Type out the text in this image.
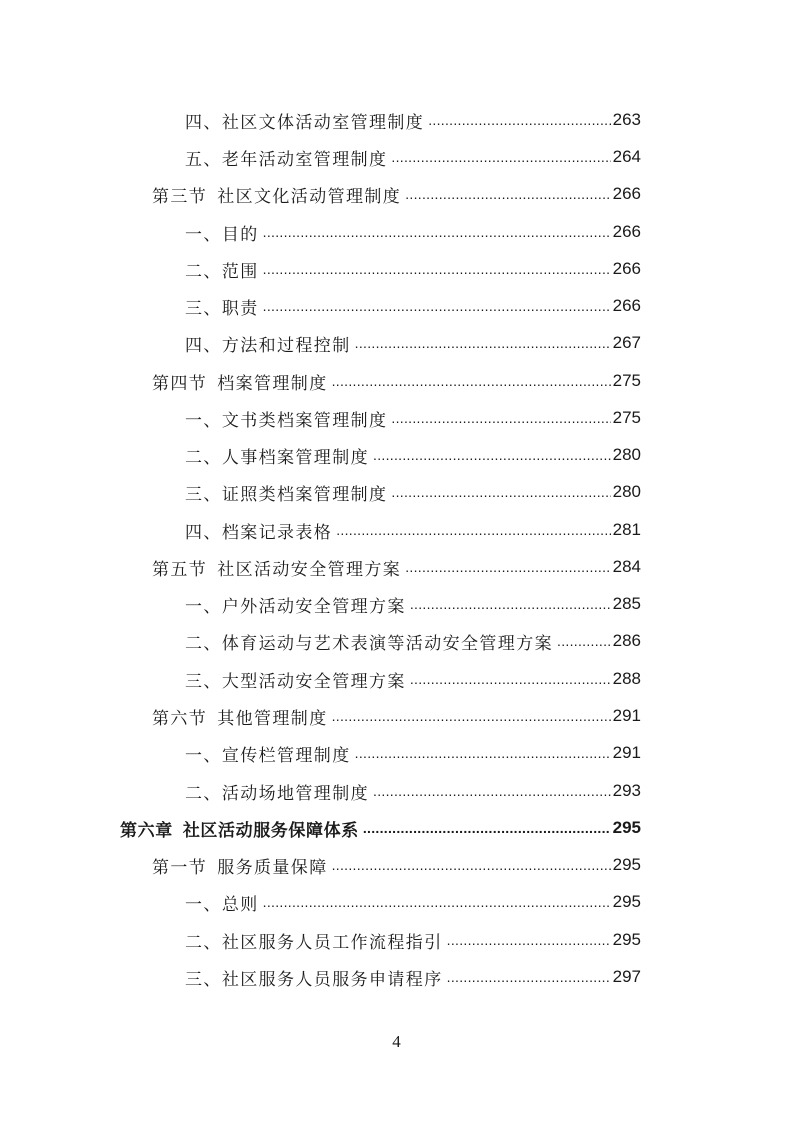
四、社区文体活动室管理制度 .....	263
五、老年活动室管理制度 .....	264
第三节 社区文化活动管理制度 .....	266
一、目的 .....	266
二、范围 .....	266
三、职责 .....	266
四、方法和过程控制 .....	267
第四节 档案管理制度 .....	275
一、文书类档案管理制度 .....	275
二、人事档案管理制度 .....	280
三、证照类档案管理制度 .....	280
四、档案记录表格 .....	281
第五节 社区活动安全管理方案 .....	284
一、户外活动安全管理方案 .....	285
二、体育运动与艺术表演等活动安全管理方案 .....	286
三、大型活动安全管理方案 .....	288
第六节 其他管理制度 .....	291
一、宣传栏管理制度 .....	291
二、活动场地管理制度 .....	293
第六章 社区活动服务保障体系 .....	295
第一节 服务质量保障 .....	295
一、总则 .....	295
二、社区服务人员工作流程指引 .....	295
三、社区服务人员服务申请程序 .....	297
4
